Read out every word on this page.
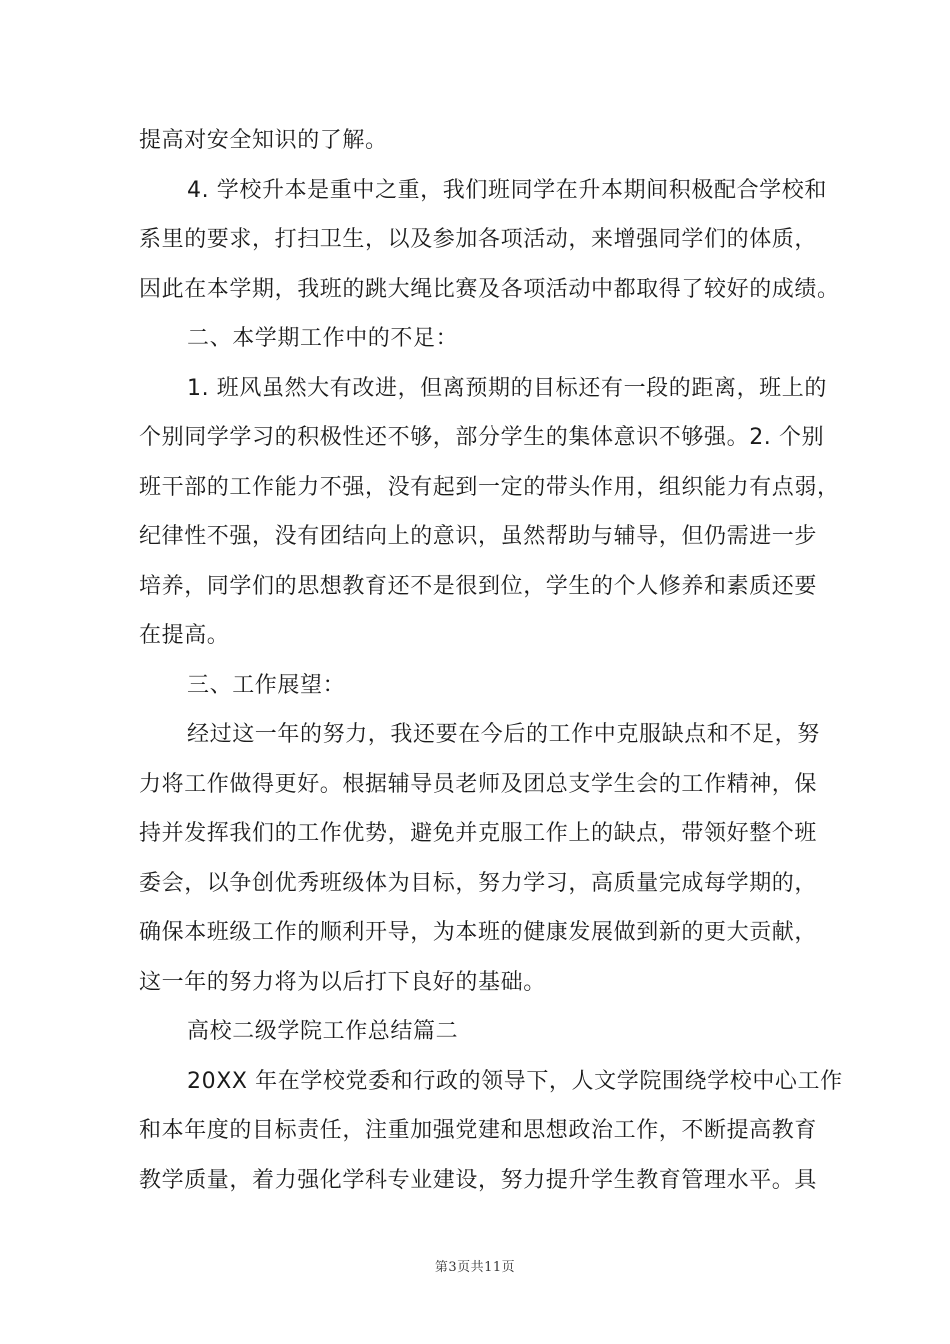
提高对安全知识的了解。
4. 学校升本是重中之重，我们班同学在升本期间积极配合学校和
系里的要求，打扫卫生，以及参加各项活动，来增强同学们的体质，
因此在本学期，我班的跳大绳比赛及各项活动中都取得了较好的成绩。
二、本学期工作中的不足：
1. 班风虽然大有改进，但离预期的目标还有一段的距离，班上的
个别同学学习的积极性还不够，部分学生的集体意识不够强。2. 个别
班干部的工作能力不强，没有起到一定的带头作用，组织能力有点弱，
纪律性不强，没有团结向上的意识，虽然帮助与辅导，但仍需进一步
培养，同学们的思想教育还不是很到位，学生的个人修养和素质还要
在提高。
三、工作展望：
经过这一年的努力，我还要在今后的工作中克服缺点和不足，努
力将工作做得更好。根据辅导员老师及团总支学生会的工作精神，保
持并发挥我们的工作优势，避免并克服工作上的缺点，带领好整个班
委会，以争创优秀班级体为目标，努力学习，高质量完成每学期的，
确保本班级工作的顺利开导，为本班的健康发展做到新的更大贡献，
这一年的努力将为以后打下良好的基础。
高校二级学院工作总结篇二
20XX 年在学校党委和行政的领导下，人文学院围绕学校中心工作
和本年度的目标责任，注重加强党建和思想政治工作，不断提高教育
教学质量，着力强化学科专业建设，努力提升学生教育管理水平。具
第3页共11页
